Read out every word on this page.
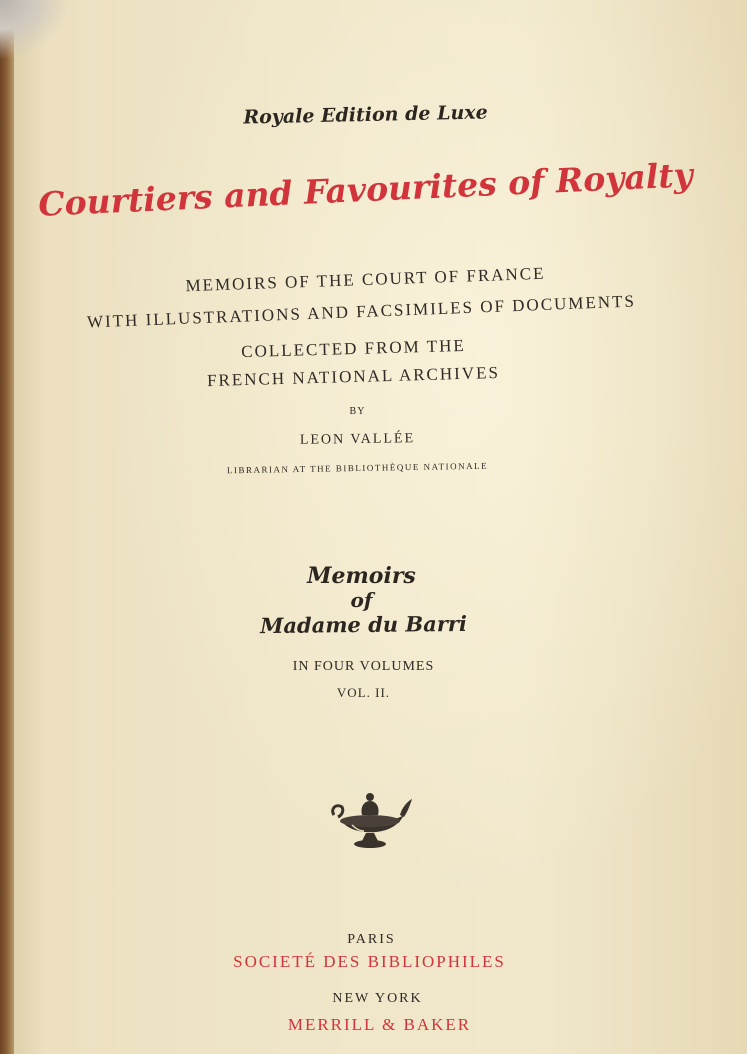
Royale Edition de Luxe
Courtiers and Favourites of Royalty
MEMOIRS OF THE COURT OF FRANCE
WITH ILLUSTRATIONS AND FACSIMILES OF DOCUMENTS
COLLECTED FROM THE
FRENCH NATIONAL ARCHIVES
BY
LEON VALLÉE
LIBRARIAN AT THE BIBLIOTHÈQUE NATIONALE
Memoirs
of
Madame du Barri
IN FOUR VOLUMES
VOL. II.
PARIS
SOCIETÉ DES BIBLIOPHILES
NEW YORK
MERRILL & BAKER
